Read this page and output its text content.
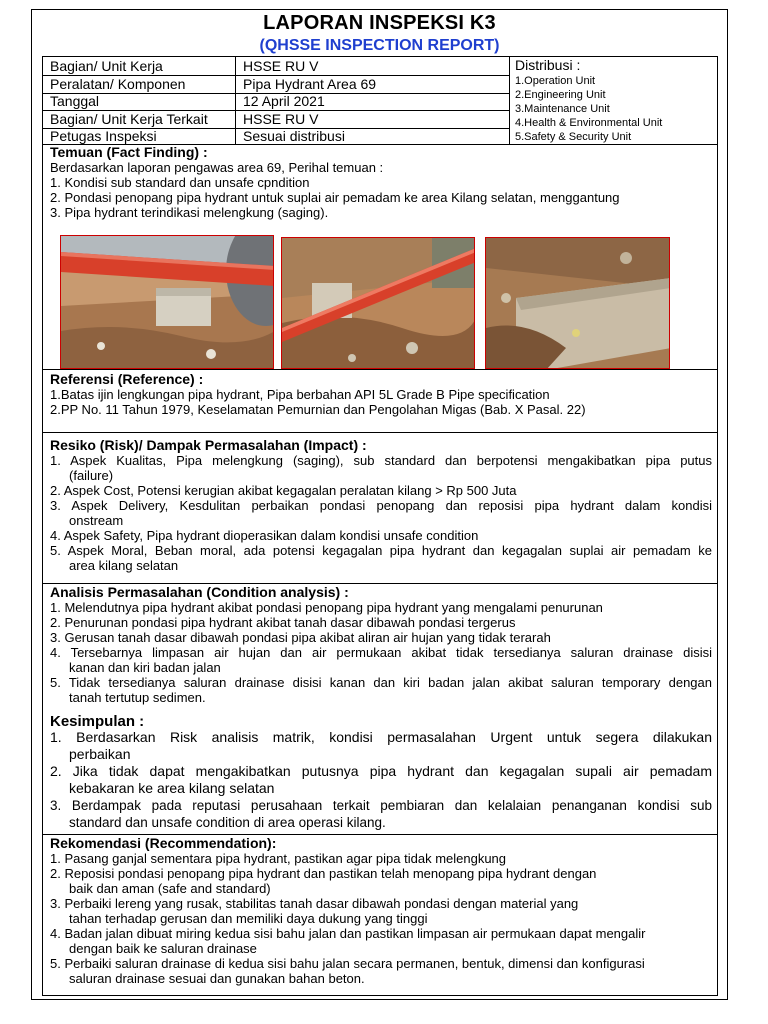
LAPORAN INSPEKSI K3
(QHSSE INSPECTION REPORT)
Bagian/ Unit Kerja	HSSE RU V
Peralatan/ Komponen	Pipa Hydrant Area 69
Tanggal	12 April 2021
Bagian/ Unit Kerja Terkait	HSSE RU V
Petugas Inspeksi	Sesuai distribusi
Distribusi :
1.Operation Unit
2.Engineering Unit
3.Maintenance Unit
4.Health & Environmental Unit
5.Safety & Security Unit
Temuan (Fact Finding) :
Berdasarkan laporan pengawas area 69, Perihal temuan :
1. Kondisi sub standard dan unsafe cpndition
2. Pondasi penopang pipa hydrant untuk suplai air pemadam ke area Kilang selatan, menggantung
3. Pipa hydrant terindikasi melengkung (saging).
Referensi (Reference) :
1.Batas ijin lengkungan pipa hydrant, Pipa berbahan API 5L Grade B Pipe specification
2.PP No. 11 Tahun 1979, Keselamatan Pemurnian dan Pengolahan Migas (Bab. X Pasal. 22)
Resiko (Risk)/ Dampak Permasalahan (Impact) :
1. Aspek Kualitas, Pipa melengkung (saging), sub standard dan berpotensi mengakibatkan pipa putus
(failure)
2. Aspek Cost, Potensi kerugian akibat kegagalan peralatan kilang > Rp 500 Juta
3. Aspek Delivery, Kesdulitan perbaikan pondasi penopang dan reposisi pipa hydrant dalam kondisi
onstream
4. Aspek Safety, Pipa hydrant dioperasikan dalam kondisi unsafe condition
5. Aspek Moral, Beban moral, ada potensi kegagalan pipa hydrant dan kegagalan suplai air pemadam ke
area kilang selatan
Analisis Permasalahan (Condition analysis) :
1. Melendutnya pipa hydrant akibat pondasi penopang pipa hydrant yang mengalami penurunan
2. Penurunan pondasi pipa hydrant akibat tanah dasar dibawah pondasi tergerus
3. Gerusan tanah dasar dibawah pondasi pipa akibat aliran air hujan yang tidak terarah
4. Tersebarnya limpasan air hujan dan air permukaan akibat tidak tersedianya saluran drainase disisi
kanan dan kiri badan jalan
5. Tidak tersedianya saluran drainase disisi kanan dan kiri badan jalan akibat saluran temporary dengan
tanah tertutup sedimen.
Kesimpulan :
1. Berdasarkan Risk analisis matrik, kondisi permasalahan Urgent untuk segera dilakukan
perbaikan
2. Jika tidak dapat mengakibatkan putusnya pipa hydrant dan kegagalan supali air pemadam
kebakaran ke area kilang selatan
3. Berdampak pada reputasi perusahaan terkait pembiaran dan kelalaian penanganan kondisi sub
standard dan unsafe condition di area operasi kilang.
Rekomendasi (Recommendation):
1. Pasang ganjal sementara pipa hydrant, pastikan agar pipa tidak melengkung
2. Reposisi pondasi penopang pipa hydrant dan pastikan telah menopang pipa hydrant dengan
baik dan aman (safe and standard)
3. Perbaiki lereng yang rusak, stabilitas tanah dasar dibawah pondasi dengan material yang
tahan terhadap gerusan dan memiliki daya dukung yang tinggi
4. Badan jalan dibuat miring kedua sisi bahu jalan dan pastikan limpasan air permukaan dapat mengalir
dengan baik ke saluran drainase
5. Perbaiki saluran drainase di kedua sisi bahu jalan secara permanen, bentuk, dimensi dan konfigurasi
saluran drainase sesuai dan gunakan bahan beton.
